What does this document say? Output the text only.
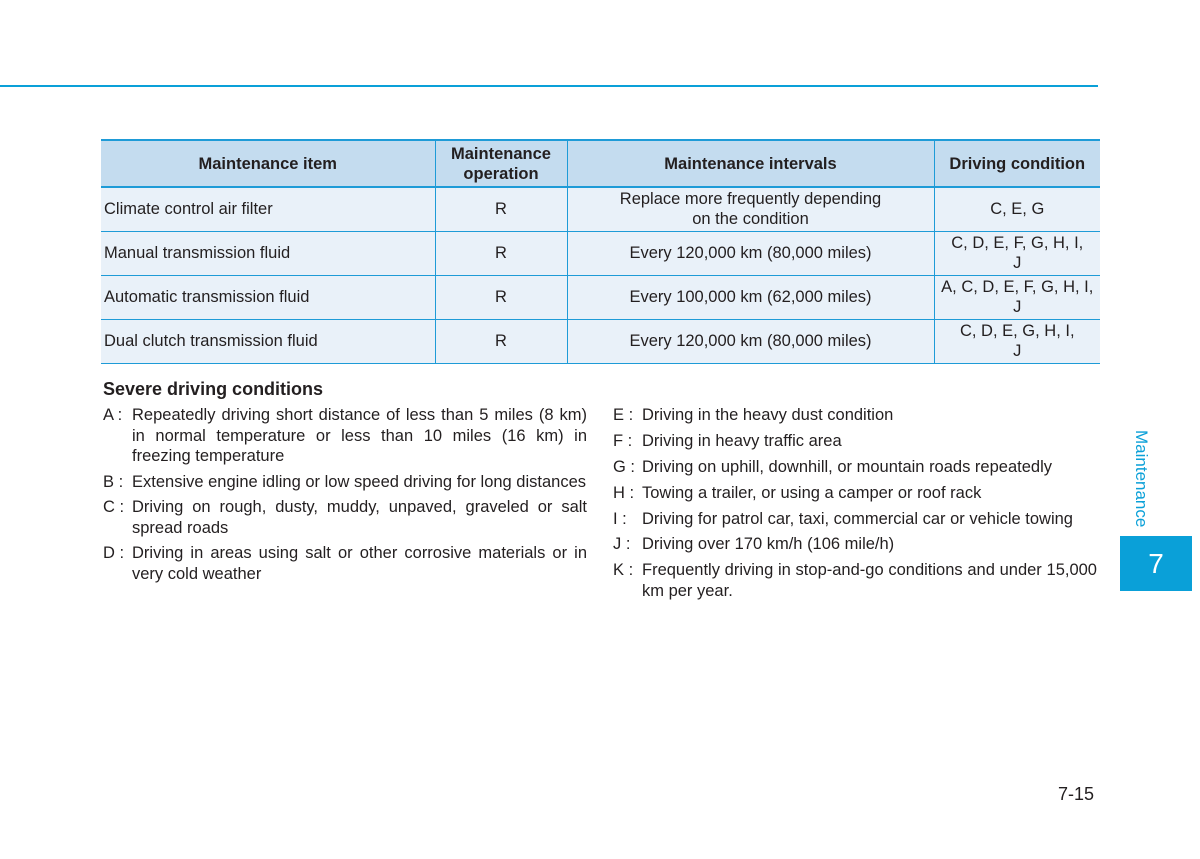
Maintenance item	Maintenance operation	Maintenance intervals	Driving condition
Climate control air filter	R	Replace more frequently depending on the condition	C, E, G
Manual transmission fluid	R	Every 120,000 km (80,000 miles)	C, D, E, F, G, H, I, J
Automatic transmission fluid	R	Every 100,000 km (62,000 miles)	A, C, D, E, F, G, H, I, J
Dual clutch transmission fluid	R	Every 120,000 km (80,000 miles)	C, D, E, G, H, I, J
Severe driving conditions
A : Repeatedly driving short distance of less than 5 miles (8 km) in normal temperature or less than 10 miles (16 km) in freezing temperature
B : Extensive engine idling or low speed driving for long distances
C : Driving on rough, dusty, muddy, unpaved, graveled or salt spread roads
D : Driving in areas using salt or other corrosive materials or in very cold weather
E : Driving in the heavy dust condition
F : Driving in heavy traffic area
G : Driving on uphill, downhill, or mountain roads repeatedly
H : Towing a trailer, or using a camper or roof rack
I : Driving for patrol car, taxi, commercial car or vehicle towing
J : Driving over 170 km/h (106 mile/h)
K : Frequently driving in stop-and-go conditions and under 15,000 km per year.
Maintenance
7
7-15
